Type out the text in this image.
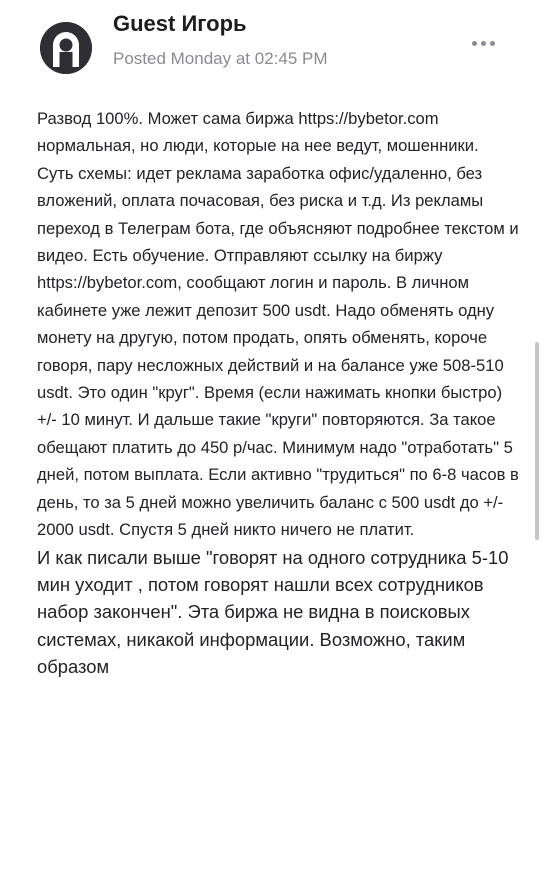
Guest Игорь
Posted Monday at 02:45 PM
Развод 100%. Может сама биржа https://bybetor.com нормальная, но люди, которые на нее ведут, мошенники. Суть схемы: идет реклама заработка офис/удаленно, без вложений, оплата почасовая, без риска и т.д. Из рекламы переход в Телеграм бота, где объясняют подробнее текстом и видео. Есть обучение. Отправляют ссылку на биржу https://bybetor.com, сообщают логин и пароль. В личном кабинете уже лежит депозит 500 usdt. Надо обменять одну монету на другую, потом продать, опять обменять, короче говоря, пару несложных действий и на балансе уже 508-510 usdt. Это один "круг". Время (если нажимать кнопки быстро) +/- 10 минут. И дальше такие "круги" повторяются. За такое обещают платить до 450 р/час. Минимум надо "отработать" 5 дней, потом выплата. Если активно "трудиться" по 6-8 часов в день, то за 5 дней можно увеличить баланс с 500 usdt до +/- 2000 usdt. Спустя 5 дней никто ничего не платит.
И как писали выше "говорят на одного сотрудника 5-10 мин уходит , потом говорят нашли всех сотрудников набор закончен". Эта биржа не видна в поисковых системах, никакой информации. Возможно, таким образом
